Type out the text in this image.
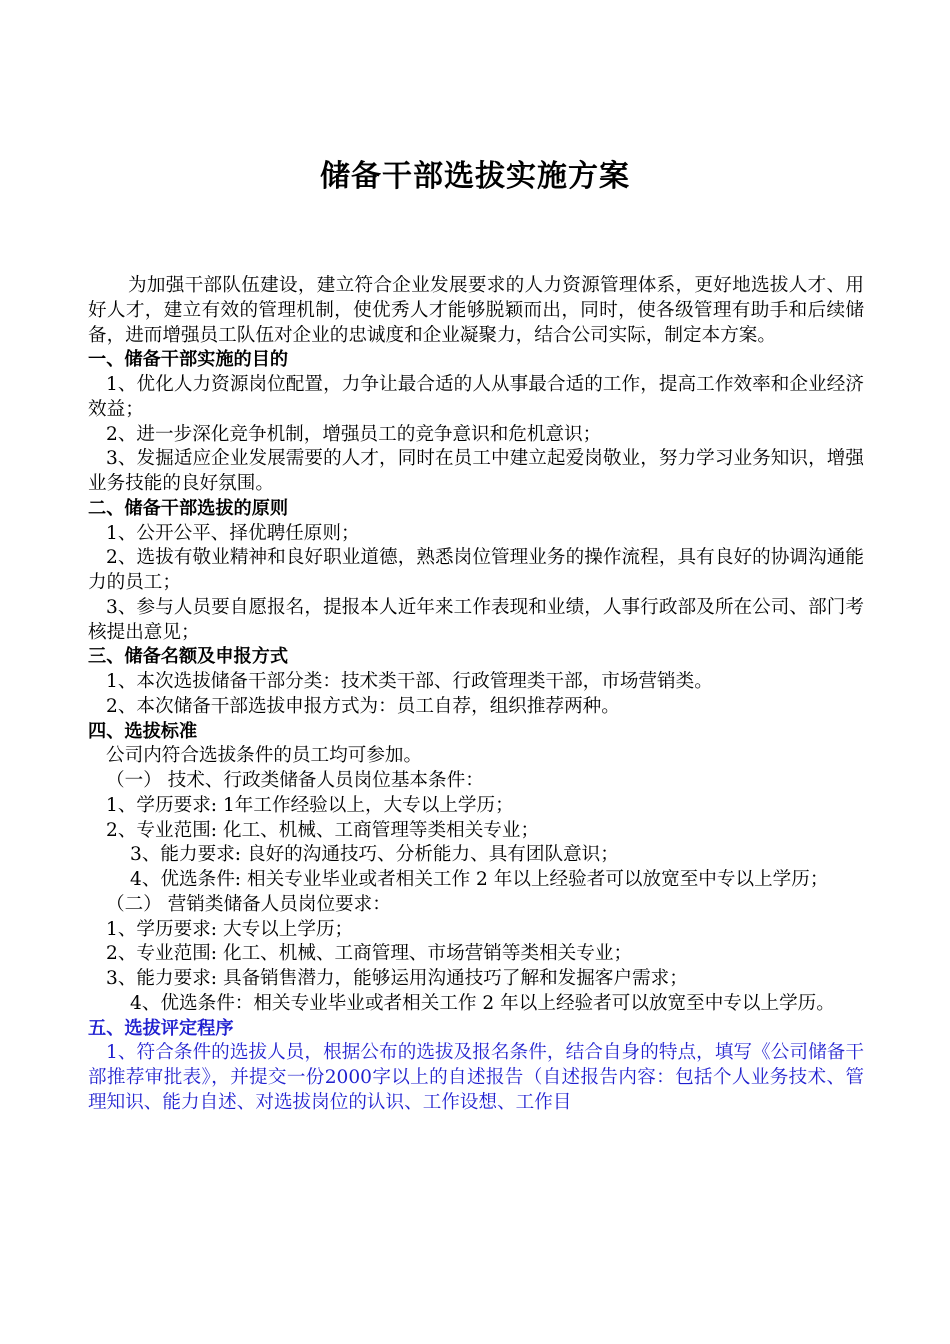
储备干部选拔实施方案

为加强干部队伍建设，建立符合企业发展要求的人力资源管理体系，更好地选拔人才、用好人才，建立有效的管理机制，使优秀人才能够脱颖而出，同时，使各级管理有助手和后续储备，进而增强员工队伍对企业的忠诚度和企业凝聚力，结合公司实际，制定本方案。

一、储备干部实施的目的

1、优化人力资源岗位配置，力争让最合适的人从事最合适的工作，提高工作效率和企业经济效益；

2、进一步深化竞争机制，增强员工的竞争意识和危机意识；

3、发掘适应企业发展需要的人才，同时在员工中建立起爱岗敬业，努力学习业务知识，增强业务技能的良好氛围。

二、储备干部选拔的原则

1、公开公平、择优聘任原则；

2、选拔有敬业精神和良好职业道德，熟悉岗位管理业务的操作流程，具有良好的协调沟通能力的员工；

3、参与人员要自愿报名，提报本人近年来工作表现和业绩，人事行政部及所在公司、部门考核提出意见；

三、储备名额及申报方式

1、本次选拔储备干部分类：技术类干部、行政管理类干部，市场营销类。

2、本次储备干部选拔申报方式为：员工自荐，组织推荐两种。

四、选拔标准

公司内符合选拔条件的员工均可参加。

（一） 技术、行政类储备人员岗位基本条件：

1、学历要求: 1年工作经验以上，大专以上学历；

2、专业范围: 化工、机械、工商管理等类相关专业；

3、能力要求: 良好的沟通技巧、分析能力、具有团队意识；

4、优选条件: 相关专业毕业或者相关工作 2 年以上经验者可以放宽至中专以上学历；

（二） 营销类储备人员岗位要求：

1、学历要求: 大专以上学历；

2、专业范围: 化工、机械、工商管理、市场营销等类相关专业；

3、能力要求: 具备销售潜力，能够运用沟通技巧了解和发掘客户需求；

4、优选条件：相关专业毕业或者相关工作 2 年以上经验者可以放宽至中专以上学历。

五、选拔评定程序

1、符合条件的选拔人员，根据公布的选拔及报名条件，结合自身的特点，填写《公司储备干部推荐审批表》，并提交一份2000字以上的自述报告（自述报告内容：包括个人业务技术、管理知识、能力自述、对选拔岗位的认识、工作设想、工作目
